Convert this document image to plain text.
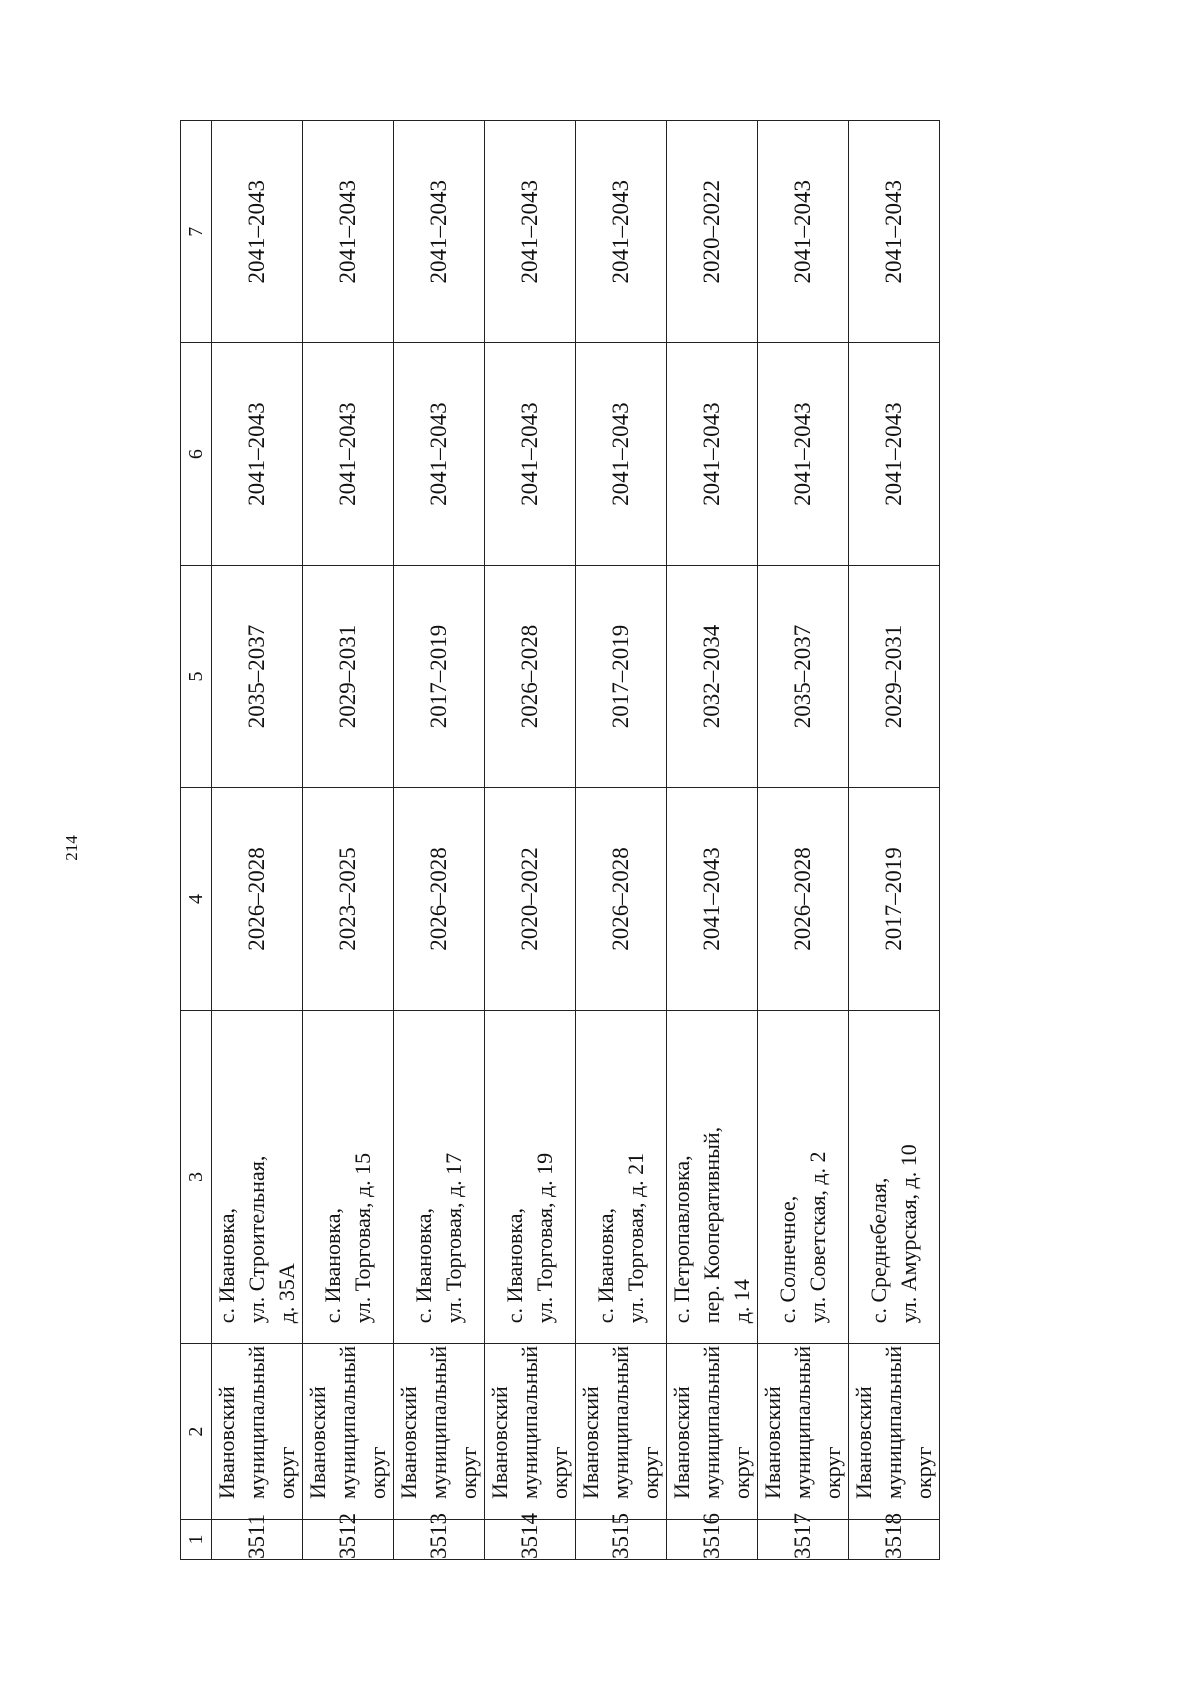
214
1	2	3	4	5	6	7
3511	Ивановский муниципальный округ	с. Ивановка, ул. Строительная, д. 35А	2026–2028	2035–2037	2041–2043	2041–2043
3512	Ивановский муниципальный округ	с. Ивановка, ул. Торговая, д. 15	2023–2025	2029–2031	2041–2043	2041–2043
3513	Ивановский муниципальный округ	с. Ивановка, ул. Торговая, д. 17	2026–2028	2017–2019	2041–2043	2041–2043
3514	Ивановский муниципальный округ	с. Ивановка, ул. Торговая, д. 19	2020–2022	2026–2028	2041–2043	2041–2043
3515	Ивановский муниципальный округ	с. Ивановка, ул. Торговая, д. 21	2026–2028	2017–2019	2041–2043	2041–2043
3516	Ивановский муниципальный округ	с. Петропавловка, пер. Кооперативный, д. 14	2041–2043	2032–2034	2041–2043	2020–2022
3517	Ивановский муниципальный округ	с. Солнечное, ул. Советская, д. 2	2026–2028	2035–2037	2041–2043	2041–2043
3518	Ивановский муниципальный округ	с. Среднебелая, ул. Амурская, д. 10	2017–2019	2029–2031	2041–2043	2041–2043
